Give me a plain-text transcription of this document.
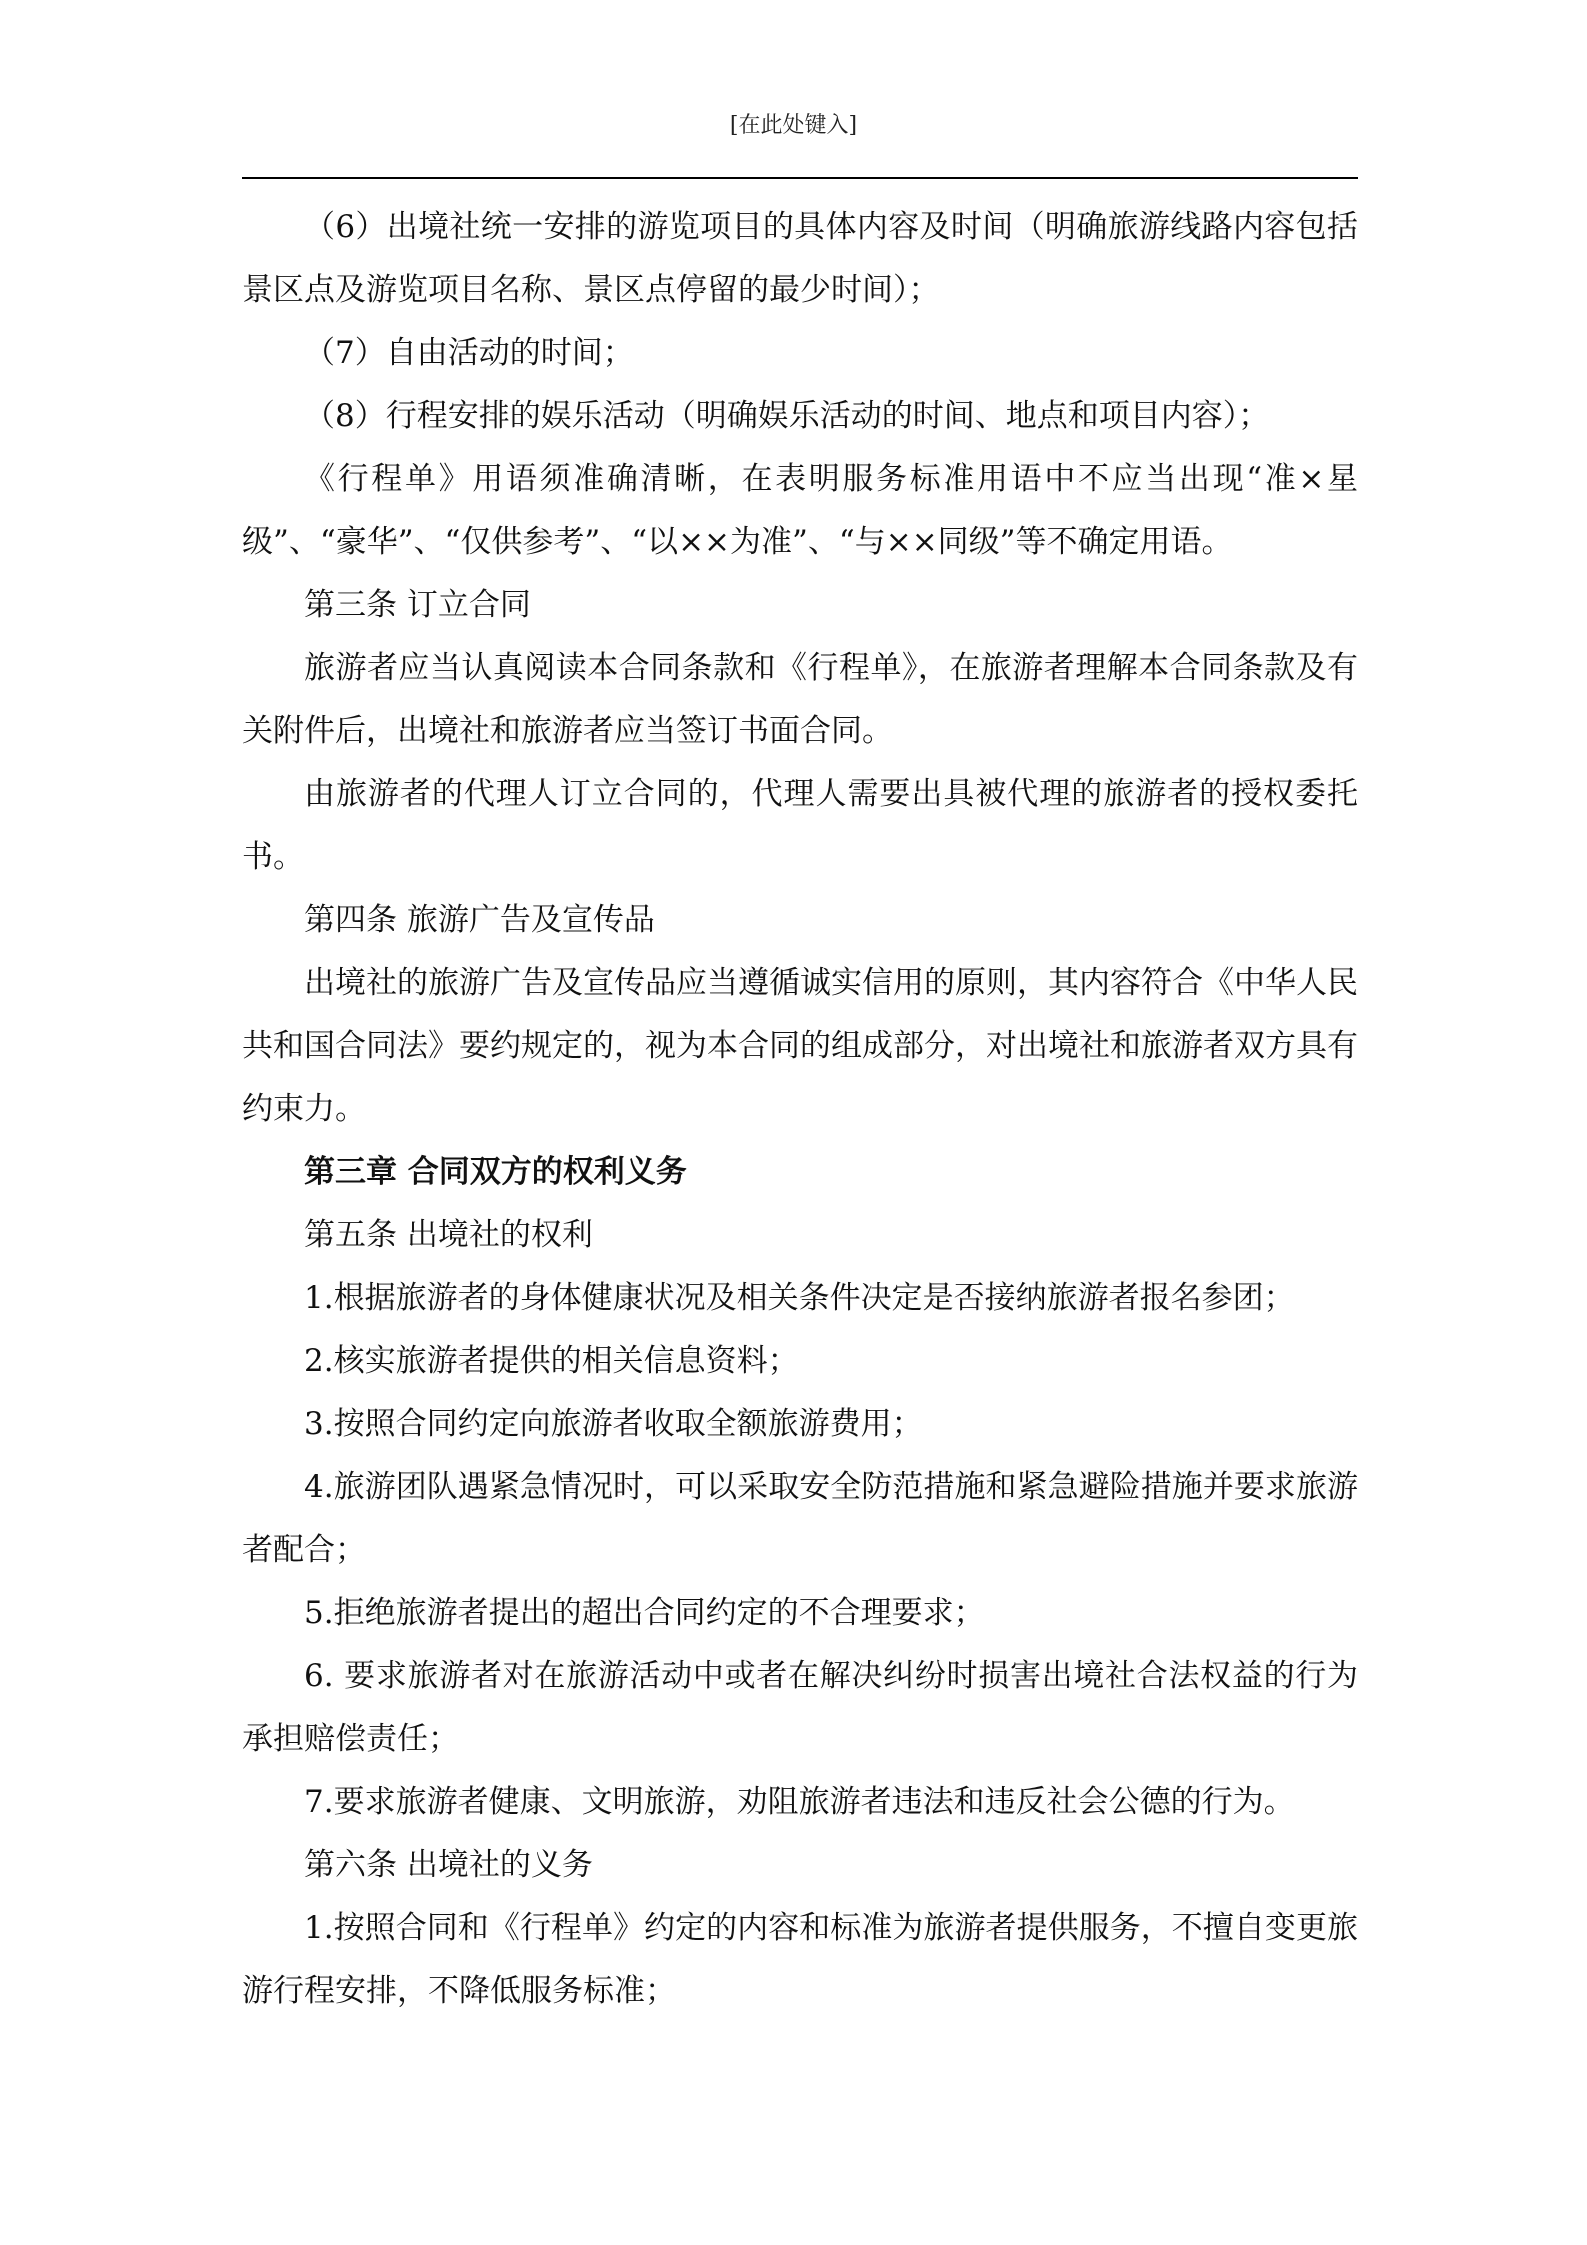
[在此处键入]

（6）出境社统一安排的游览项目的具体内容及时间（明确旅游线路内容包括景区点及游览项目名称、景区点停留的最少时间）；

（7）自由活动的时间；

（8）行程安排的娱乐活动（明确娱乐活动的时间、地点和项目内容）；

《行程单》用语须准确清晰，在表明服务标准用语中不应当出现“准×星级”、“豪华”、“仅供参考”、“以××为准”、“与××同级”等不确定用语。

第三条 订立合同

旅游者应当认真阅读本合同条款和《行程单》，在旅游者理解本合同条款及有关附件后，出境社和旅游者应当签订书面合同。

由旅游者的代理人订立合同的，代理人需要出具被代理的旅游者的授权委托书。

第四条 旅游广告及宣传品

出境社的旅游广告及宣传品应当遵循诚实信用的原则，其内容符合《中华人民共和国合同法》要约规定的，视为本合同的组成部分，对出境社和旅游者双方具有约束力。

第三章 合同双方的权利义务

第五条 出境社的权利

1.根据旅游者的身体健康状况及相关条件决定是否接纳旅游者报名参团；

2.核实旅游者提供的相关信息资料；

3.按照合同约定向旅游者收取全额旅游费用；

4.旅游团队遇紧急情况时，可以采取安全防范措施和紧急避险措施并要求旅游者配合；

5.拒绝旅游者提出的超出合同约定的不合理要求；

6. 要求旅游者对在旅游活动中或者在解决纠纷时损害出境社合法权益的行为承担赔偿责任；

7.要求旅游者健康、文明旅游，劝阻旅游者违法和违反社会公德的行为。

第六条 出境社的义务

1.按照合同和《行程单》约定的内容和标准为旅游者提供服务，不擅自变更旅游行程安排，不降低服务标准；
